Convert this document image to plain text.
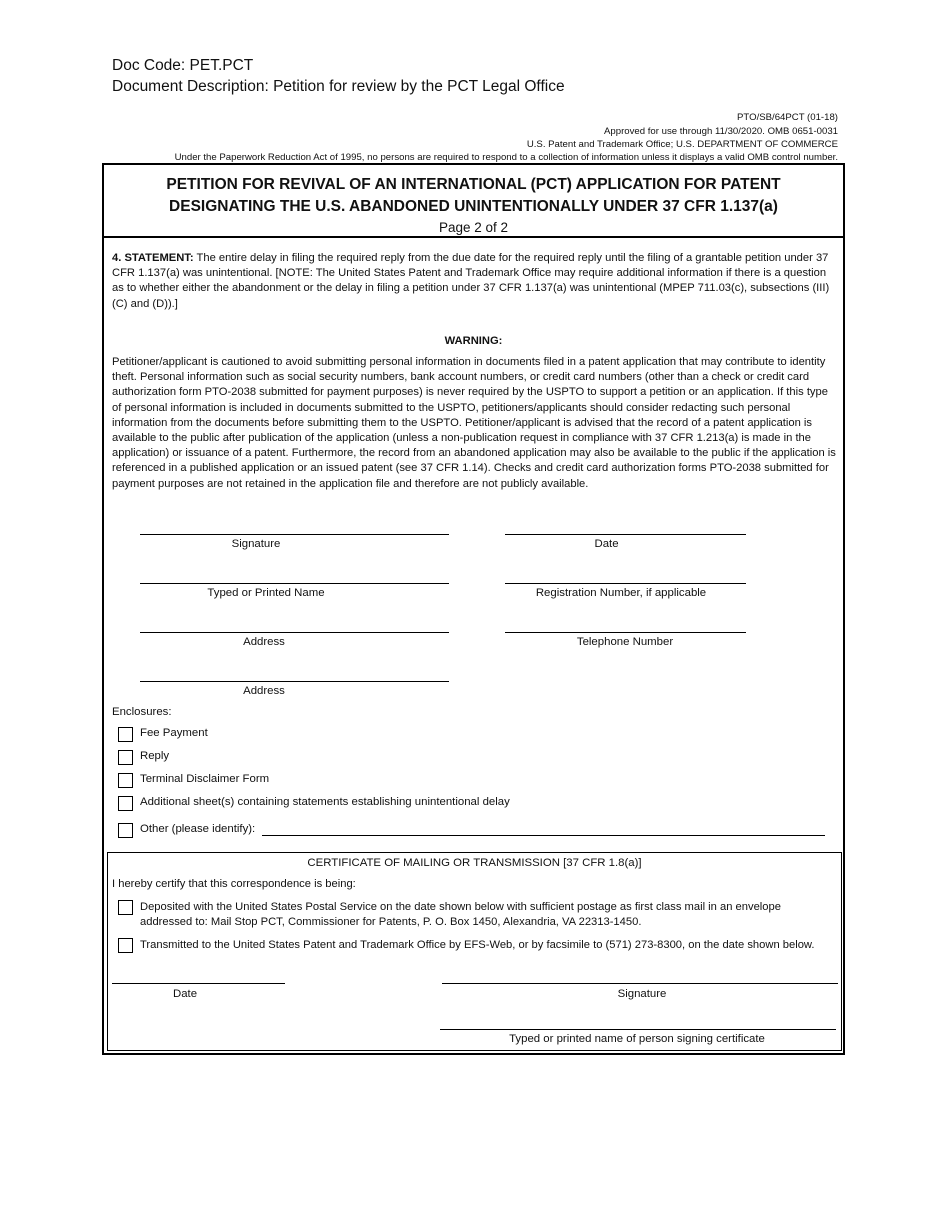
Doc Code: PET.PCT
Document Description: Petition for review by the PCT Legal Office
PTO/SB/64PCT (01-18)
Approved for use through 11/30/2020. OMB 0651-0031
U.S. Patent and Trademark Office; U.S. DEPARTMENT OF COMMERCE
Under the Paperwork Reduction Act of 1995, no persons are required to respond to a collection of information unless it displays a valid OMB control number.
PETITION FOR REVIVAL OF AN INTERNATIONAL (PCT) APPLICATION FOR PATENT
DESIGNATING THE U.S. ABANDONED UNINTENTIONALLY UNDER 37 CFR 1.137(a)
Page 2 of 2
4. STATEMENT: The entire delay in filing the required reply from the due date for the required reply until the filing of a grantable petition under 37 CFR 1.137(a) was unintentional. [NOTE: The United States Patent and Trademark Office may require additional information if there is a question as to whether either the abandonment or the delay in filing a petition under 37 CFR 1.137(a) was unintentional (MPEP 711.03(c), subsections (III)(C) and (D)).]
WARNING:
Petitioner/applicant is cautioned to avoid submitting personal information in documents filed in a patent application that may contribute to identity theft. Personal information such as social security numbers, bank account numbers, or credit card numbers (other than a check or credit card authorization form PTO-2038 submitted for payment purposes) is never required by the USPTO to support a petition or an application. If this type of personal information is included in documents submitted to the USPTO, petitioners/applicants should consider redacting such personal information from the documents before submitting them to the USPTO. Petitioner/applicant is advised that the record of a patent application is available to the public after publication of the application (unless a non-publication request in compliance with 37 CFR 1.213(a) is made in the application) or issuance of a patent. Furthermore, the record from an abandoned application may also be available to the public if the application is referenced in a published application or an issued patent (see 37 CFR 1.14). Checks and credit card authorization forms PTO-2038 submitted for payment purposes are not retained in the application file and therefore are not publicly available.
Signature	Date
Typed or Printed Name	Registration Number, if applicable
Address	Telephone Number
Address
Enclosures:
Fee Payment
Reply
Terminal Disclaimer Form
Additional sheet(s) containing statements establishing unintentional delay
Other (please identify):
CERTIFICATE OF MAILING OR TRANSMISSION [37 CFR 1.8(a)]
I hereby certify that this correspondence is being:
Deposited with the United States Postal Service on the date shown below with sufficient postage as first class mail in an envelope addressed to: Mail Stop PCT, Commissioner for Patents, P. O. Box 1450, Alexandria, VA 22313-1450.
Transmitted to the United States Patent and Trademark Office by EFS-Web, or by facsimile to (571) 273-8300, on the date shown below.
Date	Signature
Typed or printed name of person signing certificate
